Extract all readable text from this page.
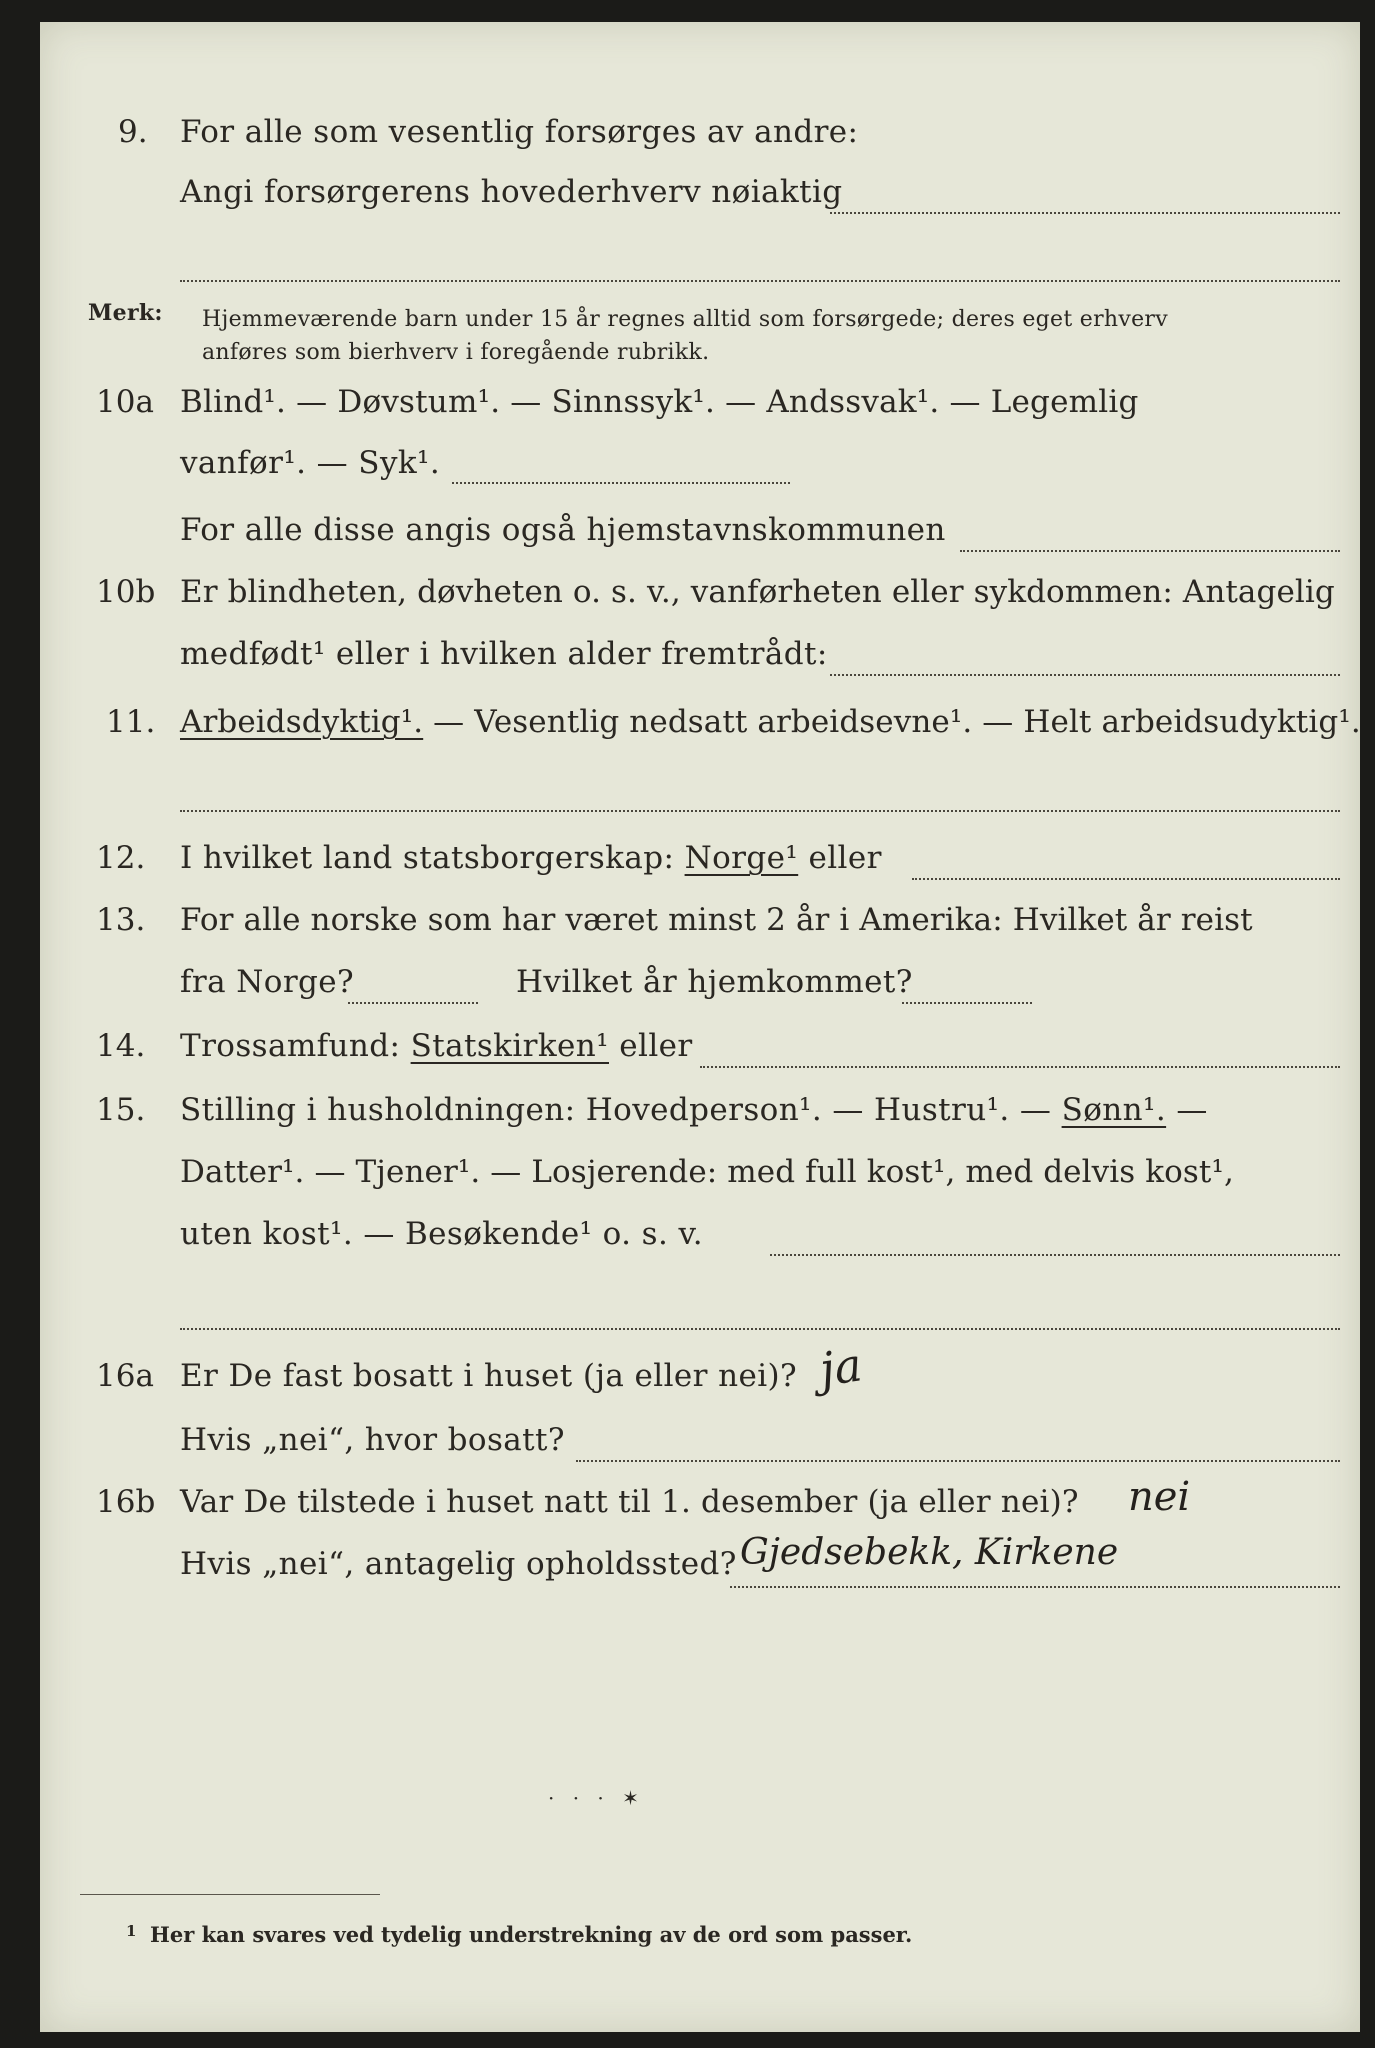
9. For alle som vesentlig forsørges av andre:
Angi forsørgerens hovederhverv nøiaktig
Merk: Hjemmeværende barn under 15 år regnes alltid som forsørgede; deres eget erhverv
anføres som bierhverv i foregående rubrikk.
10a Blind¹. — Døvstum¹. — Sinnssyk¹. — Andssvak¹. — Legemlig
vanfør¹. — Syk¹.
For alle disse angis også hjemstavnskommunen
10b Er blindheten, døvheten o. s. v., vanførheten eller sykdommen: Antagelig
medfødt¹ eller i hvilken alder fremtrådt:
11. Arbeidsdyktig¹. — Vesentlig nedsatt arbeidsevne¹. — Helt arbeidsudyktig¹.
12. I hvilket land statsborgerskap: Norge¹ eller
13. For alle norske som har været minst 2 år i Amerika: Hvilket år reist
fra Norge?	Hvilket år hjemkommet?
14. Trossamfund: Statskirken¹ eller
15. Stilling i husholdningen: Hovedperson¹. — Hustru¹. — Sønn¹. —
Datter¹. — Tjener¹. — Losjerende: med full kost¹, med delvis kost¹,
uten kost¹. — Besøkende¹ o. s. v.
16a Er De fast bosatt i huset (ja eller nei)? ja
Hvis „nei“, hvor bosatt?
16b Var De tilstede i huset natt til 1. desember (ja eller nei)? nei
Hvis „nei“, antagelig opholdssted? Gjedsebekk, Kirkene
· · · ✶
1 Her kan svares ved tydelig understrekning av de ord som passer.
